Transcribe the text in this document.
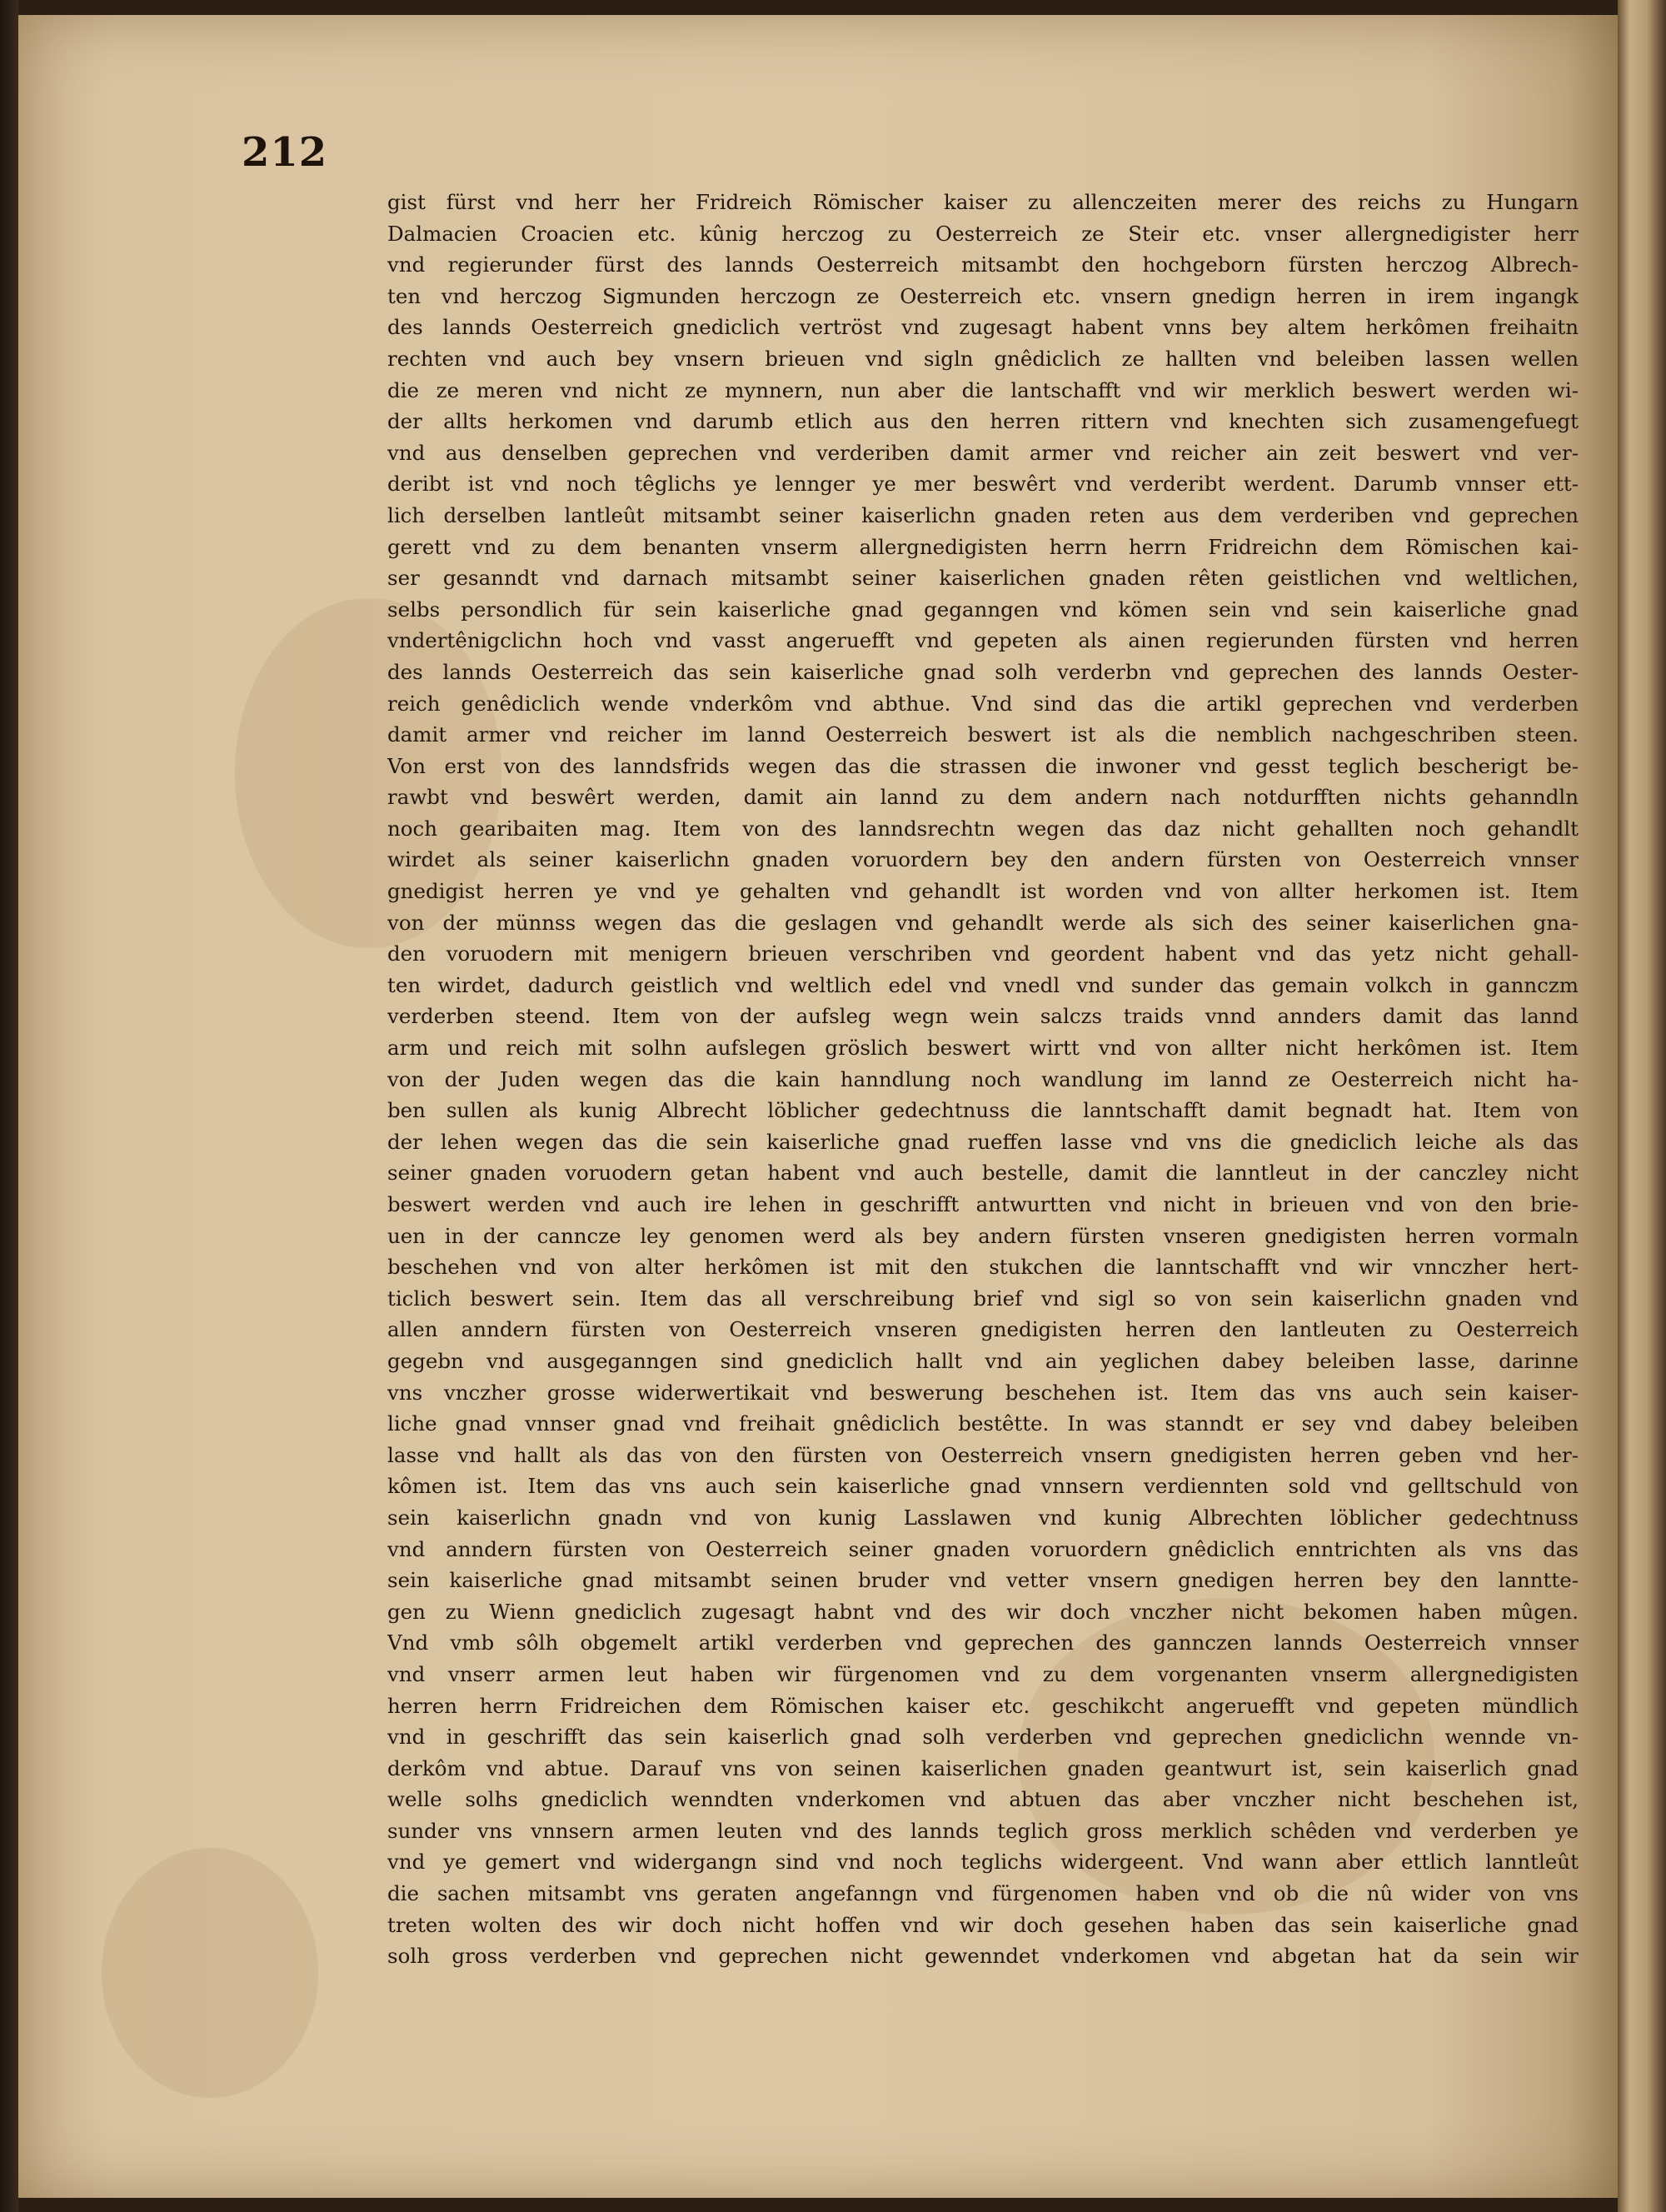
212
gist fürst vnd herr her Fridreich Römischer kaiser zu allenczeiten merer des reichs zu Hungarn
Dalmacien Croacien etc. kûnig herczog zu Oesterreich ze Steir etc. vnser allergnedigister herr
vnd regierunder fürst des lannds Oesterreich mitsambt den hochgeborn fürsten herczog Albrech-
ten vnd herczog Sigmunden herczogn ze Oesterreich etc. vnsern gnedign herren in irem ingangk
des lannds Oesterreich gnediclich vertröst vnd zugesagt habent vnns bey altem herkômen freihaitn
rechten vnd auch bey vnsern brieuen vnd sigln gnêdiclich ze hallten vnd beleiben lassen wellen
die ze meren vnd nicht ze mynnern, nun aber die lantschafft vnd wir merklich beswert werden wi-
der allts herkomen vnd darumb etlich aus den herren rittern vnd knechten sich zusamengefuegt
vnd aus denselben geprechen vnd verderiben damit armer vnd reicher ain zeit beswert vnd ver-
deribt ist vnd noch têglichs ye lennger ye mer beswêrt vnd verderibt werdent. Darumb vnnser ett-
lich derselben lantleût mitsambt seiner kaiserlichn gnaden reten aus dem verderiben vnd geprechen
gerett vnd zu dem benanten vnserm allergnedigisten herrn herrn Fridreichn dem Römischen kai-
ser gesanndt vnd darnach mitsambt seiner kaiserlichen gnaden rêten geistlichen vnd weltlichen,
selbs persondlich für sein kaiserliche gnad geganngen vnd kömen sein vnd sein kaiserliche gnad
vndertênigclichn hoch vnd vasst angeruefft vnd gepeten als ainen regierunden fürsten vnd herren
des lannds Oesterreich das sein kaiserliche gnad solh verderbn vnd geprechen des lannds Oester-
reich genêdiclich wende vnderkôm vnd abthue. Vnd sind das die artikl geprechen vnd verderben
damit armer vnd reicher im lannd Oesterreich beswert ist als die nemblich nachgeschriben steen.
Von erst von des lanndsfrids wegen das die strassen die inwoner vnd gesst teglich bescherigt be-
rawbt vnd beswêrt werden, damit ain lannd zu dem andern nach notdurfften nichts gehanndln
noch gearibaiten mag. Item von des lanndsrechtn wegen das daz nicht gehallten noch gehandlt
wirdet als seiner kaiserlichn gnaden voruordern bey den andern fürsten von Oesterreich vnnser
gnedigist herren ye vnd ye gehalten vnd gehandlt ist worden vnd von allter herkomen ist. Item
von der münnss wegen das die geslagen vnd gehandlt werde als sich des seiner kaiserlichen gna-
den voruodern mit menigern brieuen verschriben vnd geordent habent vnd das yetz nicht gehall-
ten wirdet, dadurch geistlich vnd weltlich edel vnd vnedl vnd sunder das gemain volkch in gannczm
verderben steend. Item von der aufsleg wegn wein salczs traids vnnd annders damit das lannd
arm und reich mit solhn aufslegen gröslich beswert wirtt vnd von allter nicht herkômen ist. Item
von der Juden wegen das die kain hanndlung noch wandlung im lannd ze Oesterreich nicht ha-
ben sullen als kunig Albrecht löblicher gedechtnuss die lanntschafft damit begnadt hat. Item von
der lehen wegen das die sein kaiserliche gnad rueffen lasse vnd vns die gnediclich leiche als das
seiner gnaden voruodern getan habent vnd auch bestelle, damit die lanntleut in der canczley nicht
beswert werden vnd auch ire lehen in geschrifft antwurtten vnd nicht in brieuen vnd von den brie-
uen in der canncze ley genomen werd als bey andern fürsten vnseren gnedigisten herren vormaln
beschehen vnd von alter herkômen ist mit den stukchen die lanntschafft vnd wir vnnczher hert-
ticlich beswert sein. Item das all verschreibung brief vnd sigl so von sein kaiserlichn gnaden vnd
allen anndern fürsten von Oesterreich vnseren gnedigisten herren den lantleuten zu Oesterreich
gegebn vnd ausgeganngen sind gnediclich hallt vnd ain yeglichen dabey beleiben lasse, darinne
vns vnczher grosse widerwertikait vnd beswerung beschehen ist. Item das vns auch sein kaiser-
liche gnad vnnser gnad vnd freihait gnêdiclich bestêtte. In was stanndt er sey vnd dabey beleiben
lasse vnd hallt als das von den fürsten von Oesterreich vnsern gnedigisten herren geben vnd her-
kômen ist. Item das vns auch sein kaiserliche gnad vnnsern verdiennten sold vnd gelltschuld von
sein kaiserlichn gnadn vnd von kunig Lasslawen vnd kunig Albrechten löblicher gedechtnuss
vnd anndern fürsten von Oesterreich seiner gnaden voruordern gnêdiclich enntrichten als vns das
sein kaiserliche gnad mitsambt seinen bruder vnd vetter vnsern gnedigen herren bey den lanntte-
gen zu Wienn gnediclich zugesagt habnt vnd des wir doch vnczher nicht bekomen haben mûgen.
Vnd vmb sôlh obgemelt artikl verderben vnd geprechen des gannczen lannds Oesterreich vnnser
vnd vnserr armen leut haben wir fürgenomen vnd zu dem vorgenanten vnserm allergnedigisten
herren herrn Fridreichen dem Römischen kaiser etc. geschikcht angeruefft vnd gepeten mündlich
vnd in geschrifft das sein kaiserlich gnad solh verderben vnd geprechen gnediclichn wennde vn-
derkôm vnd abtue. Darauf vns von seinen kaiserlichen gnaden geantwurt ist, sein kaiserlich gnad
welle solhs gnediclich wenndten vnderkomen vnd abtuen das aber vnczher nicht beschehen ist,
sunder vns vnnsern armen leuten vnd des lannds teglich gross merklich schêden vnd verderben ye
vnd ye gemert vnd widergangn sind vnd noch teglichs widergeent. Vnd wann aber ettlich lanntleût
die sachen mitsambt vns geraten angefanngn vnd fürgenomen haben vnd ob die nû wider von vns
treten wolten des wir doch nicht hoffen vnd wir doch gesehen haben das sein kaiserliche gnad
solh gross verderben vnd geprechen nicht gewenndet vnderkomen vnd abgetan hat da sein wir
